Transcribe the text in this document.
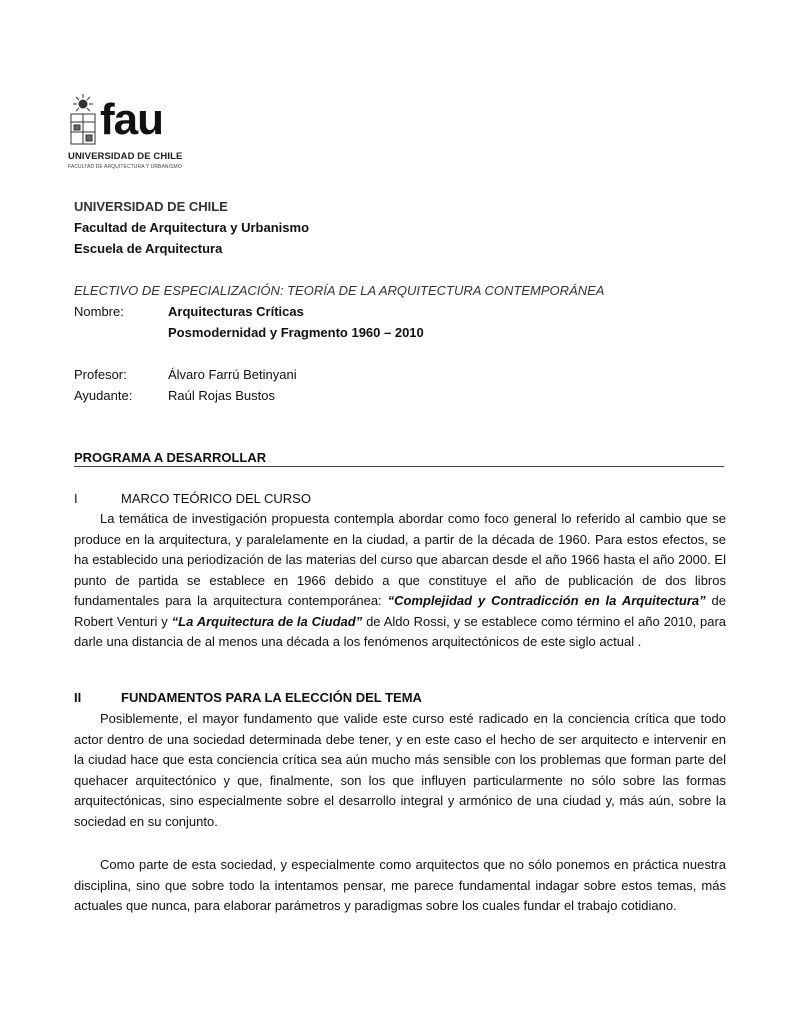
fau
UNIVERSIDAD DE CHILE
FACULTAD DE ARQUITECTURA Y URBANISMO
UNIVERSIDAD DE CHILE
Facultad de Arquitectura y Urbanismo
Escuela de Arquitectura
ELECTIVO DE ESPECIALIZACIÓN: TEORÍA DE LA ARQUITECTURA CONTEMPORÁNEA
Nombre:	Arquitecturas Críticas
Posmodernidad y Fragmento 1960 – 2010
Profesor:	Álvaro Farrú Betinyani
Ayudante:	Raúl Rojas Bustos
PROGRAMA A DESARROLLAR
I	MARCO TEÓRICO DEL CURSO
La temática de investigación propuesta contempla abordar como foco general lo referido al cambio que se produce en la arquitectura, y paralelamente en la ciudad, a partir de la década de 1960. Para estos efectos, se ha establecido una periodización de las materias del curso que abarcan desde el año 1966 hasta el año 2000. El punto de partida se establece en 1966 debido a que constituye el año de publicación de dos libros fundamentales para la arquitectura contemporánea: “Complejidad y Contradicción en la Arquitectura” de Robert Venturi y “La Arquitectura de la Ciudad” de Aldo Rossi, y se establece como término el año 2010, para darle una distancia de al menos una década a los fenómenos arquitectónicos de este siglo actual .
II	FUNDAMENTOS PARA LA ELECCIÓN DEL TEMA
Posiblemente, el mayor fundamento que valide este curso esté radicado en la conciencia crítica que todo actor dentro de una sociedad determinada debe tener, y en este caso el hecho de ser arquitecto e intervenir en la ciudad hace que esta conciencia crítica sea aún mucho más sensible con los problemas que forman parte del quehacer arquitectónico y que, finalmente, son los que influyen particularmente no sólo sobre las formas arquitectónicas, sino especialmente sobre el desarrollo integral y armónico de una ciudad y, más aún, sobre la sociedad en su conjunto.
Como parte de esta sociedad, y especialmente como arquitectos que no sólo ponemos en práctica nuestra disciplina, sino que sobre todo la intentamos pensar, me parece fundamental indagar sobre estos temas, más actuales que nunca, para elaborar parámetros y paradigmas sobre los cuales fundar el trabajo cotidiano.
